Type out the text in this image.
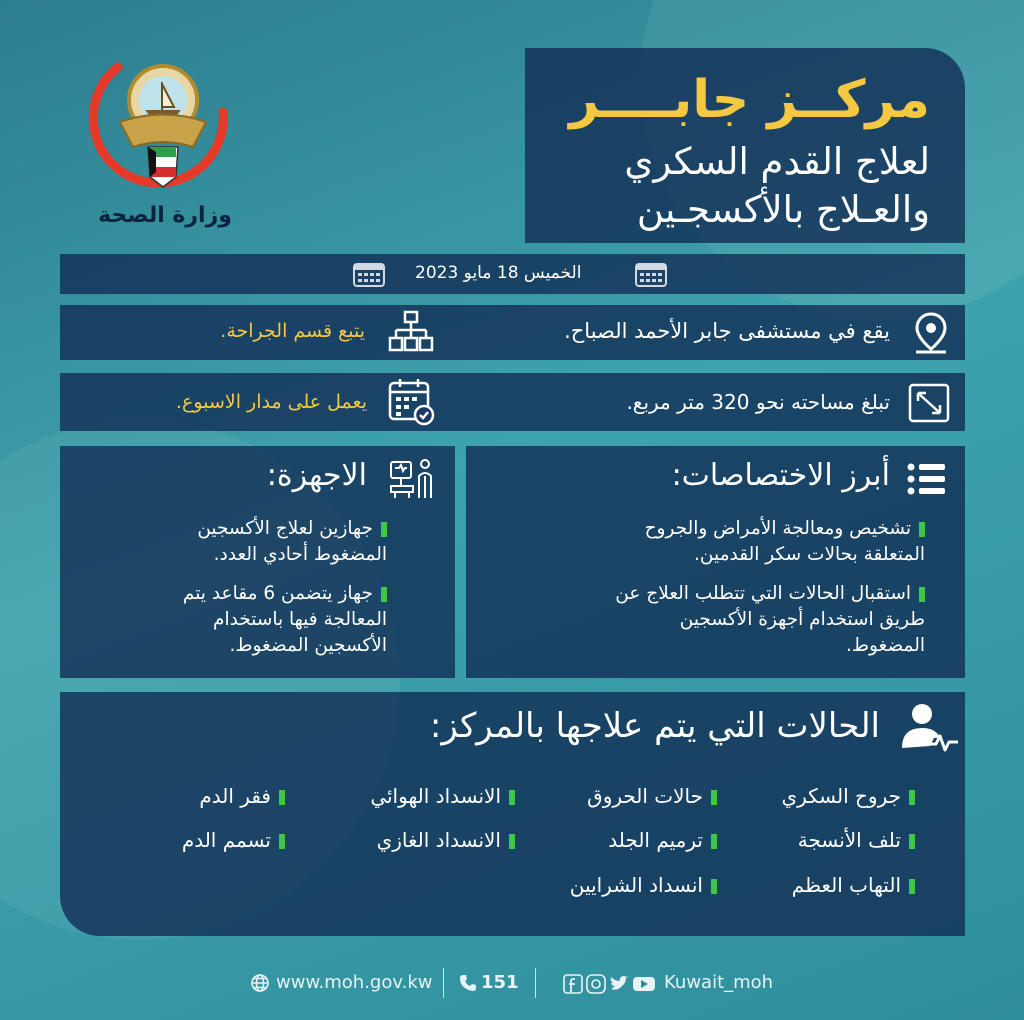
وزارة الصحة
مركــز جابــــر
لعلاج القدم السكري
والعـلاج بالأكسجـين
الخميس 18 مايو 2023
يقع في مستشفى جابر الأحمد الصباح.
يتبع قسم الجراحة.
تبلغ مساحته نحو 320 متر مربع.
يعمل على مدار الاسبوع.
أبرز الاختصاصات:
تشخيص ومعالجة الأمراض والجروح
المتعلقة بحالات سكر القدمين.
استقبال الحالات التي تتطلب العلاج عن
طريق استخدام أجهزة الأكسجين
المضغوط.
الاجهزة:
جهازين لعلاج الأكسجين
المضغوط أحادي العدد.
جهاز يتضمن 6 مقاعد يتم
المعالجة فيها باستخدام
الأكسجين المضغوط.
الحالات التي يتم علاجها بالمركز:
جروح السكري
تلف الأنسجة
التهاب العظم
حالات الحروق
ترميم الجلد
انسداد الشرايين
الانسداد الهوائي
الانسداد الغازي
فقر الدم
تسمم الدم
www.moh.gov.kw	151	Kuwait_moh
